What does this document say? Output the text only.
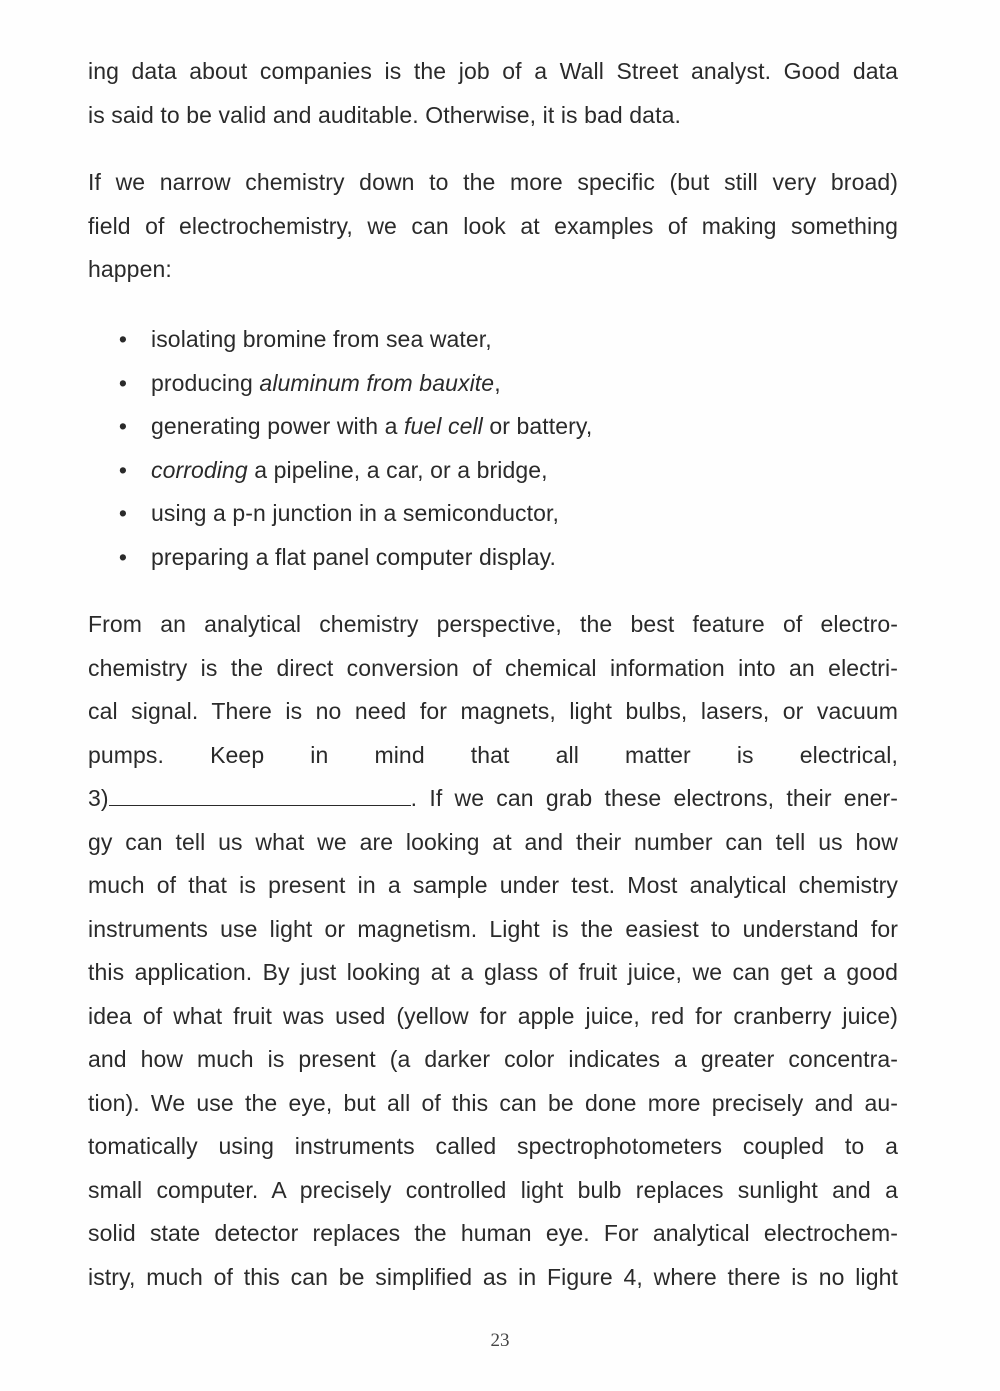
ing data about companies is the job of a Wall Street analyst. Good data
is said to be valid and auditable. Otherwise, it is bad data.
If we narrow chemistry down to the more specific (but still very broad)
field of electrochemistry, we can look at examples of making something
happen:
• isolating bromine from sea water,
• producing aluminum from bauxite,
• generating power with a fuel cell or battery,
• corroding a pipeline, a car, or a bridge,
• using a p-n junction in a semiconductor,
• preparing a flat panel computer display.
From an analytical chemistry perspective, the best feature of electro-
chemistry is the direct conversion of chemical information into an electri-
cal signal. There is no need for magnets, light bulbs, lasers, or vacuum
pumps. Keep in mind that all matter is electrical,
3)	. If we can grab these electrons, their ener-
gy can tell us what we are looking at and their number can tell us how
much of that is present in a sample under test. Most analytical chemistry
instruments use light or magnetism. Light is the easiest to understand for
this application. By just looking at a glass of fruit juice, we can get a good
idea of what fruit was used (yellow for apple juice, red for cranberry juice)
and how much is present (a darker color indicates a greater concentra-
tion). We use the eye, but all of this can be done more precisely and au-
tomatically using instruments called spectrophotometers coupled to a
small computer. A precisely controlled light bulb replaces sunlight and a
solid state detector replaces the human eye. For analytical electrochem-
istry, much of this can be simplified as in Figure 4, where there is no light
23
